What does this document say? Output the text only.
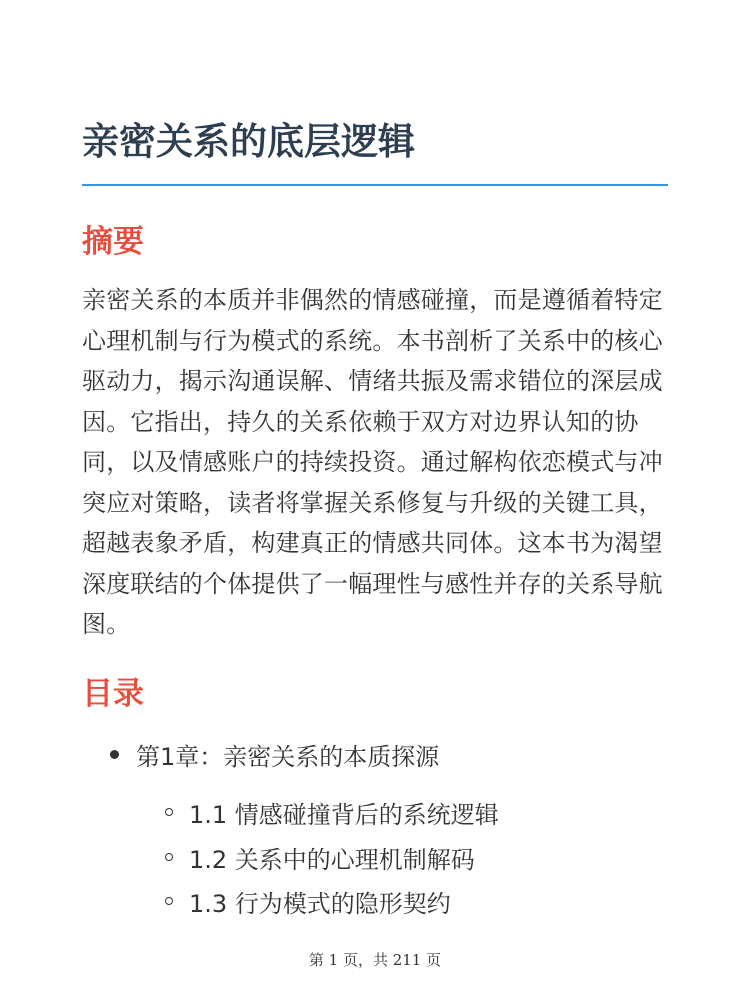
亲密关系的底层逻辑
摘要

亲密关系的本质并非偶然的情感碰撞，而是遵循着特定心理机制与行为模式的系统。本书剖析了关系中的核心驱动力，揭示沟通误解、情绪共振及需求错位的深层成因。它指出，持久的关系依赖于双方对边界认知的协同，以及情感账户的持续投资。通过解构依恋模式与冲突应对策略，读者将掌握关系修复与升级的关键工具，超越表象矛盾，构建真正的情感共同体。这本书为渴望深度联结的个体提供了一幅理性与感性并存的关系导航图。

目录
第1章：亲密关系的本质探源
1.1 情感碰撞背后的系统逻辑
1.2 关系中的心理机制解码
1.3 行为模式的隐形契约
第 1 页，共 211 页
